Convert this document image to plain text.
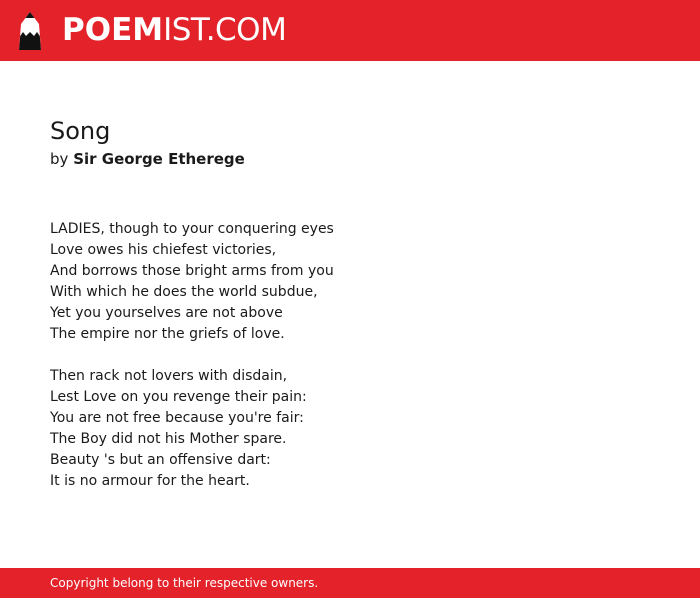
POEMIST.COM
Song
by Sir George Etherege
LADIES, though to your conquering eyes
Love owes his chiefest victories,
And borrows those bright arms from you
With which he does the world subdue,
Yet you yourselves are not above
The empire nor the griefs of love.
Then rack not lovers with disdain,
Lest Love on you revenge their pain:
You are not free because you're fair:
The Boy did not his Mother spare.
Beauty 's but an offensive dart:
It is no armour for the heart.
Copyright belong to their respective owners.
